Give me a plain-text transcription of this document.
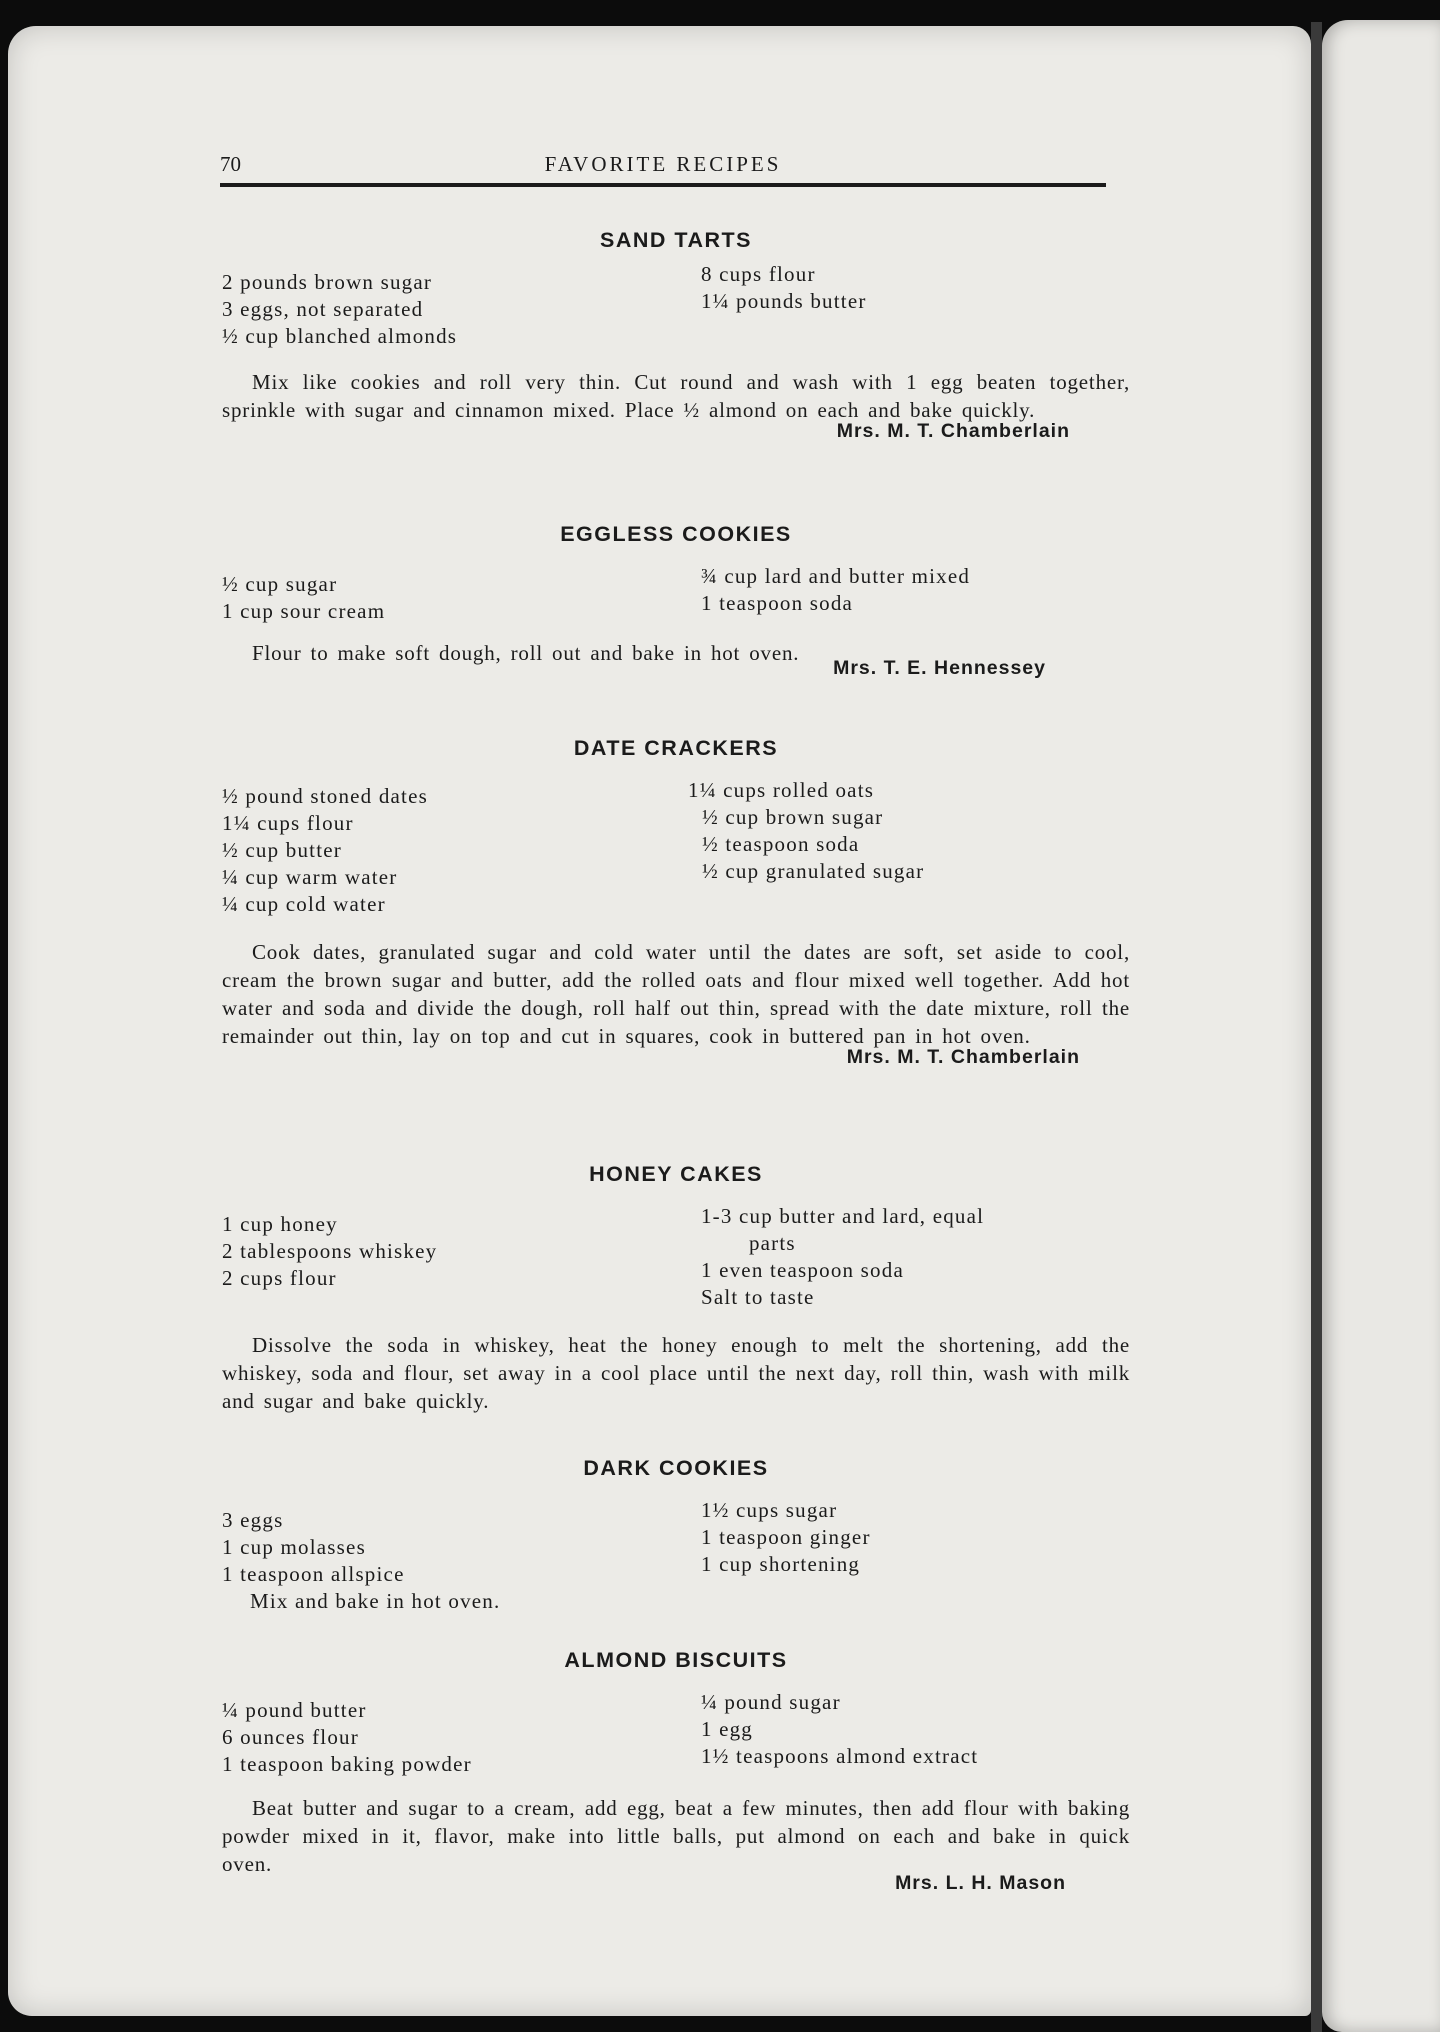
70	FAVORITE RECIPES
SAND TARTS
2 pounds brown sugar
3 eggs, not separated
½ cup blanched almonds
8 cups flour
1¼ pounds butter

Mix like cookies and roll very thin. Cut round and wash with 1 egg beaten together, sprinkle with sugar and cinnamon mixed. Place ½ almond on each and bake quickly.

Mrs. M. T. Chamberlain

EGGLESS COOKIES
½ cup sugar
1 cup sour cream
¾ cup lard and butter mixed
1 teaspoon soda

Flour to make soft dough, roll out and bake in hot oven.

Mrs. T. E. Hennessey

DATE CRACKERS
½ pound stoned dates
1¼ cups flour
½ cup butter
¼ cup warm water
¼ cup cold water
1¼ cups rolled oats
½ cup brown sugar
½ teaspoon soda
½ cup granulated sugar

Cook dates, granulated sugar and cold water until the dates are soft, set aside to cool, cream the brown sugar and butter, add the rolled oats and flour mixed well together. Add hot water and soda and divide the dough, roll half out thin, spread with the date mixture, roll the remainder out thin, lay on top and cut in squares, cook in buttered pan in hot oven.

Mrs. M. T. Chamberlain

HONEY CAKES
1 cup honey
2 tablespoons whiskey
2 cups flour
1-3 cup butter and lard, equal
parts
1 even teaspoon soda
Salt to taste

Dissolve the soda in whiskey, heat the honey enough to melt the shortening, add the whiskey, soda and flour, set away in a cool place until the next day, roll thin, wash with milk and sugar and bake quickly.

DARK COOKIES
3 eggs
1 cup molasses
1 teaspoon allspice
Mix and bake in hot oven.
1½ cups sugar
1 teaspoon ginger
1 cup shortening
ALMOND BISCUITS
¼ pound butter
6 ounces flour
1 teaspoon baking powder
¼ pound sugar
1 egg
1½ teaspoons almond extract

Beat butter and sugar to a cream, add egg, beat a few minutes, then add flour with baking powder mixed in it, flavor, make into little balls, put almond on each and bake in quick oven.

Mrs. L. H. Mason
